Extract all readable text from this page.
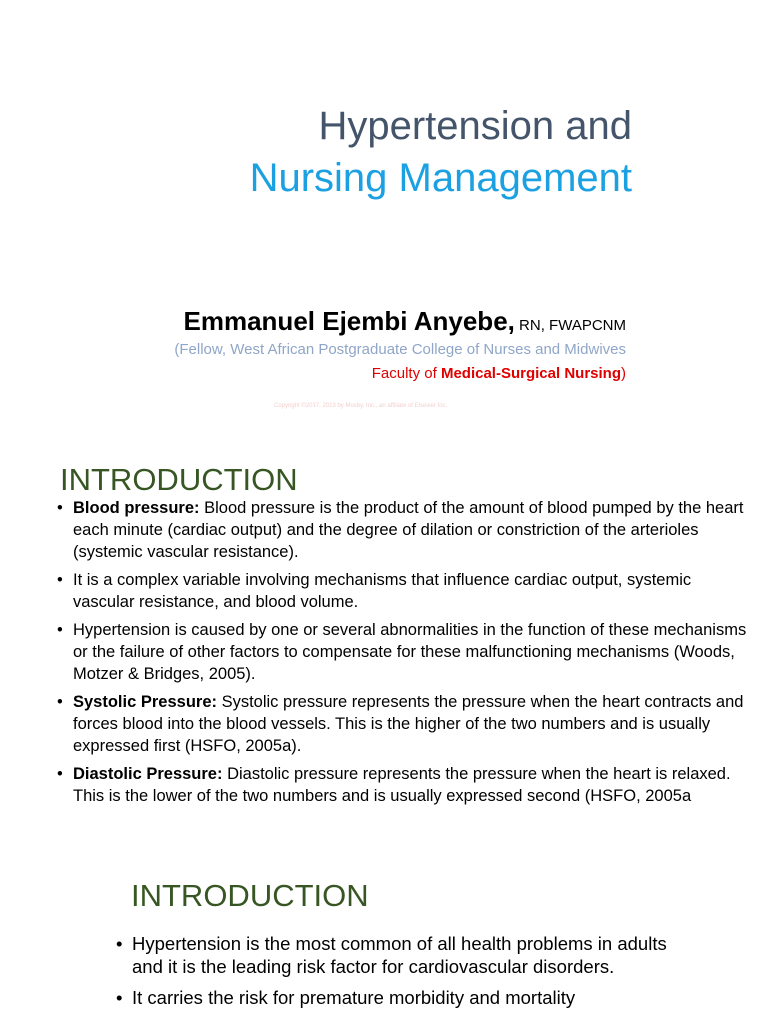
Hypertension and
Nursing Management
Emmanuel Ejembi Anyebe, RN, FWAPCNM
(Fellow, West African Postgraduate College of Nurses and Midwives
Faculty of Medical-Surgical Nursing)
Copyright ©2017, 2013 by Mosby, Inc., an affiliate of Elsevier Inc.
INTRODUCTION
• Blood pressure: Blood pressure is the product of the amount of blood pumped by the heart each minute (cardiac output) and the degree of dilation or constriction of the arterioles (systemic vascular resistance).
• It is a complex variable involving mechanisms that influence cardiac output, systemic vascular resistance, and blood volume.
• Hypertension is caused by one or several abnormalities in the function of these mechanisms or the failure of other factors to compensate for these malfunctioning mechanisms (Woods, Motzer & Bridges, 2005).
• Systolic Pressure: Systolic pressure represents the pressure when the heart contracts and forces blood into the blood vessels. This is the higher of the two numbers and is usually expressed first (HSFO, 2005a).
• Diastolic Pressure: Diastolic pressure represents the pressure when the heart is relaxed. This is the lower of the two numbers and is usually expressed second (HSFO, 2005a
INTRODUCTION
• Hypertension is the most common of all health problems in adults and it is the leading risk factor for cardiovascular disorders.
• It carries the risk for premature morbidity and mortality
